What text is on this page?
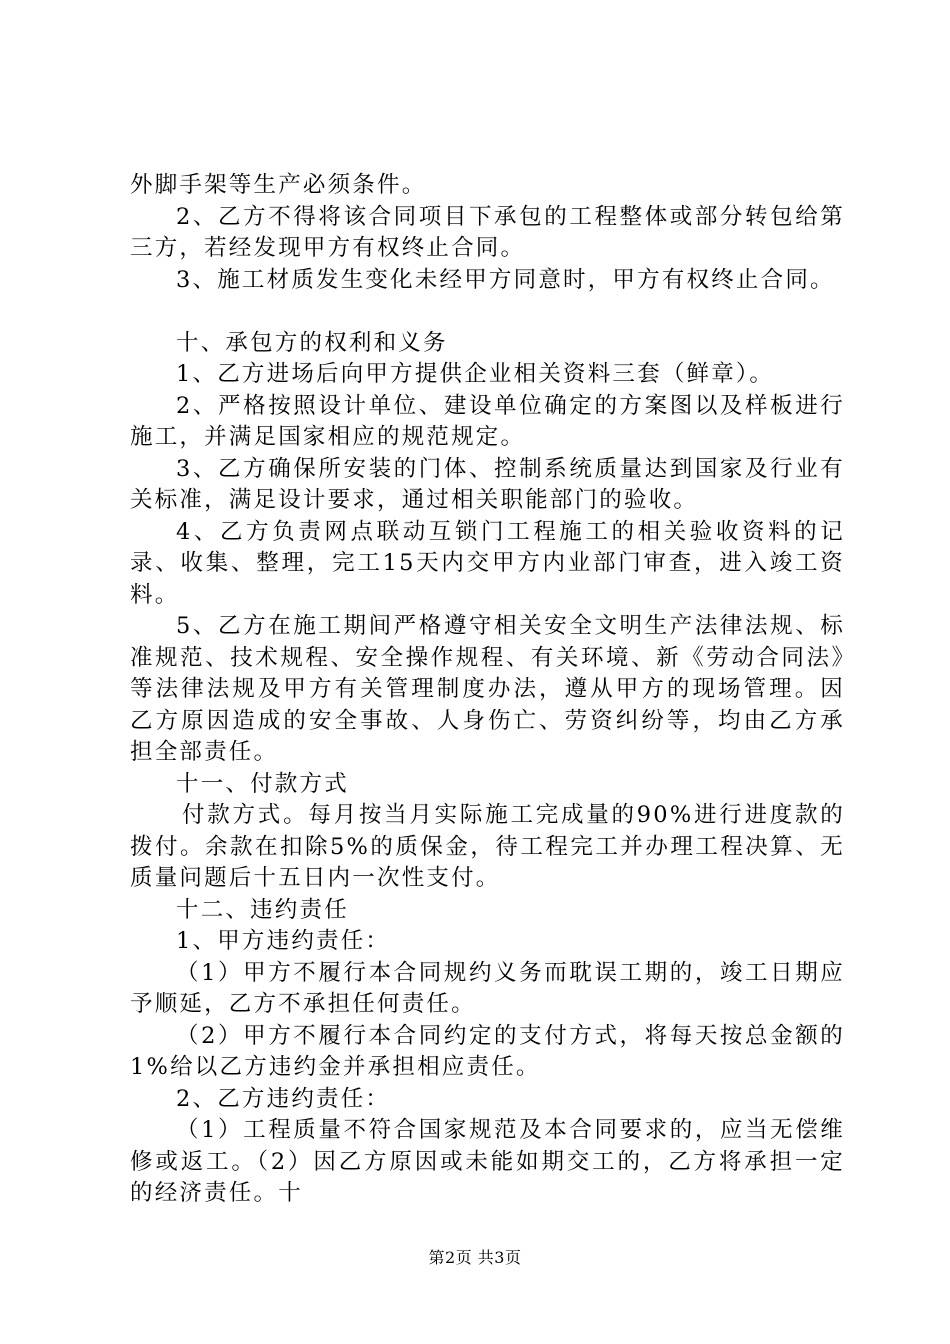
外脚手架等生产必须条件。

2、乙方不得将该合同项目下承包的工程整体或部分转包给第三方，若经发现甲方有权终止合同。

3、施工材质发生变化未经甲方同意时，甲方有权终止合同。

十、承包方的权利和义务

1、乙方进场后向甲方提供企业相关资料三套（鲜章）。

2、严格按照设计单位、建设单位确定的方案图以及样板进行施工，并满足国家相应的规范规定。

3、乙方确保所安装的门体、控制系统质量达到国家及行业有关标准，满足设计要求，通过相关职能部门的验收。

4、乙方负责网点联动互锁门工程施工的相关验收资料的记录、收集、整理，完工15天内交甲方内业部门审查，进入竣工资料。

5、乙方在施工期间严格遵守相关安全文明生产法律法规、标准规范、技术规程、安全操作规程、有关环境、新《劳动合同法》等法律法规及甲方有关管理制度办法，遵从甲方的现场管理。因乙方原因造成的安全事故、人身伤亡、劳资纠纷等，均由乙方承担全部责任。

十一、付款方式

付款方式。每月按当月实际施工完成量的90%进行进度款的拨付。余款在扣除5%的质保金，待工程完工并办理工程决算、无质量问题后十五日内一次性支付。

十二、违约责任

1、甲方违约责任：

（1）甲方不履行本合同规约义务而耽误工期的，竣工日期应予顺延，乙方不承担任何责任。

（2）甲方不履行本合同约定的支付方式，将每天按总金额的1%给以乙方违约金并承担相应责任。

2、乙方违约责任：

（1）工程质量不符合国家规范及本合同要求的，应当无偿维修或返工。（2）因乙方原因或未能如期交工的，乙方将承担一定的经济责任。十

第2页 共3页
